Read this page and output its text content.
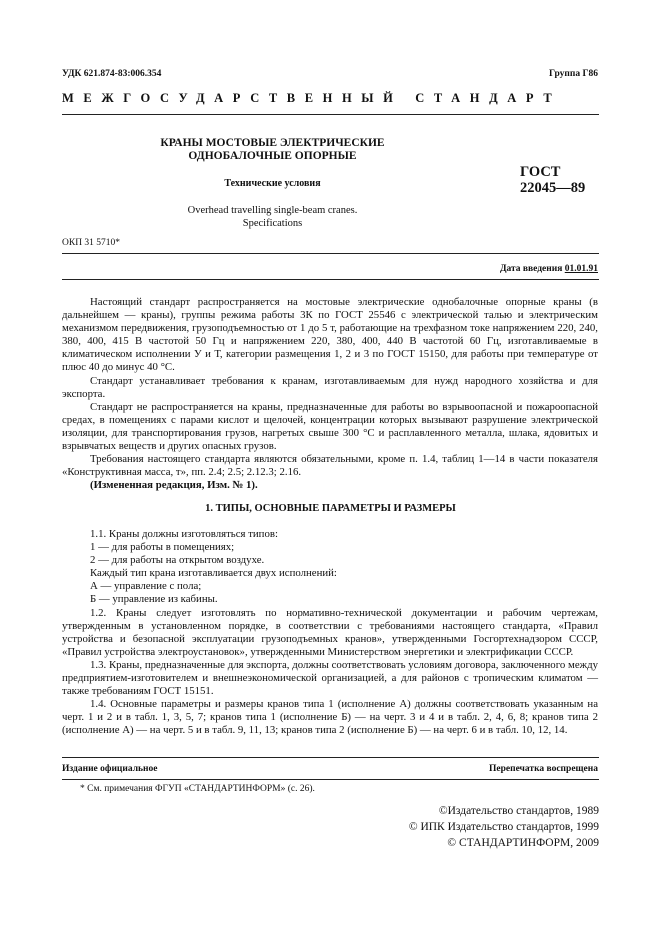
УДК 621.874-83:006.354	Группа Г86
МЕЖГОСУДАРСТВЕННЫЙ СТАНДАРТ
КРАНЫ МОСТОВЫЕ ЭЛЕКТРИЧЕСКИЕ
ОДНОБАЛОЧНЫЕ ОПОРНЫЕ
Технические условия
Overhead travelling single-beam cranes.
Specifications
ГОСТ
22045—89
ОКП 31 5710*
Дата введения 01.01.91

Настоящий стандарт распространяется на мостовые электрические однобалочные опорные краны (в дальнейшем — краны), группы режима работы 3К по ГОСТ 25546 с электрической талью и электрическим механизмом передвижения, грузоподъемностью от 1 до 5 т, работающие на трехфазном токе напряжением 220, 240, 380, 400, 415 В частотой 50 Гц и напряжением 220, 380, 400, 440 В частотой 60 Гц, изготавливаемые в климатическом исполнении У и Т, категории размещения 1, 2 и 3 по ГОСТ 15150, для работы при температуре от плюс 40 до минус 40 °С.

Стандарт устанавливает требования к кранам, изготавливаемым для нужд народного хозяйства и для экспорта.

Стандарт не распространяется на краны, предназначенные для работы во взрывоопасной и пожароопасной средах, в помещениях с парами кислот и щелочей, концентрации которых вызывают разрушение электрической изоляции, для транспортирования грузов, нагретых свыше 300 °С и расплавленного металла, шлака, ядовитых и взрывчатых веществ и других опасных грузов.

Требования настоящего стандарта являются обязательными, кроме п. 1.4, таблиц 1—14 в части показателя «Конструктивная масса, т», пп. 2.4; 2.5; 2.12.3; 2.16.

(Измененная редакция, Изм. № 1).

1. ТИПЫ, ОСНОВНЫЕ ПАРАМЕТРЫ И РАЗМЕРЫ

1.1. Краны должны изготовляться типов:

1 — для работы в помещениях;

2 — для работы на открытом воздухе.

Каждый тип крана изготавливается двух исполнений:

А — управление с пола;

Б — управление из кабины.

1.2. Краны следует изготовлять по нормативно-технической документации и рабочим чертежам, утвержденным в установленном порядке, в соответствии с требованиями настоящего стандарта, «Правил устройства и безопасной эксплуатации грузоподъемных кранов», утвержденными Госгортехнадзором СССР, «Правил устройства электроустановок», утвержденными Министерством энергетики и электрификации СССР.

1.3. Краны, предназначенные для экспорта, должны соответствовать условиям договора, заключенного между предприятием-изготовителем и внешнеэкономической организацией, а для районов с тропическим климатом — также требованиям ГОСТ 15151.

1.4. Основные параметры и размеры кранов типа 1 (исполнение А) должны соответствовать указанным на черт. 1 и 2 и в табл. 1, 3, 5, 7; кранов типа 1 (исполнение Б) — на черт. 3 и 4 и в табл. 2, 4, 6, 8; кранов типа 2 (исполнение А) — на черт. 5 и в табл. 9, 11, 13; кранов типа 2 (исполнение Б) — на черт. 6 и в табл. 10, 12, 14.

Издание официальное	Перепечатка воспрещена
* См. примечания ФГУП «СТАНДАРТИНФОРМ» (с. 26).
©Издательство стандартов, 1989
© ИПК Издательство стандартов, 1999
© СТАНДАРТИНФОРМ, 2009
